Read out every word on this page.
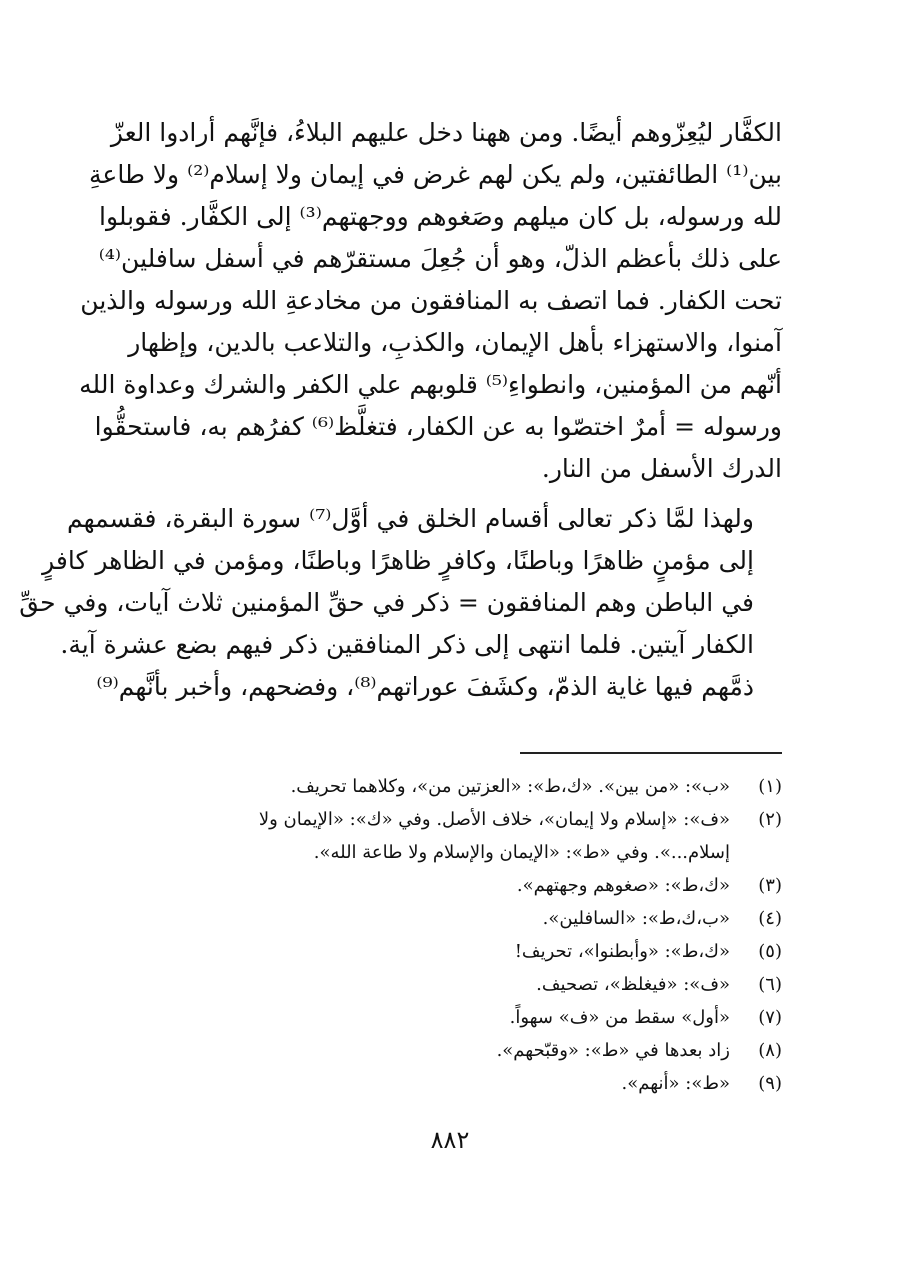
الكفَّار ليُعِزّوهم أيضًا. ومن ههنا دخل عليهم البلاءُ، فإنَّهم أرادوا العزّ
بين⁽¹⁾ الطائفتين، ولم يكن لهم غرض في إيمان ولا إسلام⁽²⁾ ولا طاعةِ
لله ورسوله، بل كان ميلهم وصَغوهم ووجهتهم⁽³⁾ إلى الكفَّار. فقوبلوا
على ذلك بأعظم الذلّ، وهو أن جُعِلَ مستقرّهم في أسفل سافلين⁽⁴⁾
تحت الكفار. فما اتصف به المنافقون من مخادعةِ الله ورسوله والذين
آمنوا، والاستهزاء بأهل الإيمان، والكذبِ، والتلاعب بالدين، وإظهار
أنّهم من المؤمنين، وانطواءِ⁽⁵⁾ قلوبهم علي الكفر والشرك وعداوة الله
ورسوله = أمرٌ اختصّوا به عن الكفار، فتغلَّظ⁽⁶⁾ كفرُهم به، فاستحقُّوا
الدرك الأسفل من النار.
ولهذا لمَّا ذكر تعالى أقسام الخلق في أوَّل⁽⁷⁾ سورة البقرة، فقسمهم
إلى مؤمنٍ ظاهرًا وباطنًا، وكافرٍ ظاهرًا وباطنًا، ومؤمن في الظاهر كافرٍ
في الباطن وهم المنافقون = ذكر في حقِّ المؤمنين ثلاث آيات، وفي حقِّ
الكفار آيتين. فلما انتهى إلى ذكر المنافقين ذكر فيهم بضع عشرة آية.
ذمَّهم فيها غاية الذمّ، وكشَفَ عوراتهم⁽⁸⁾، وفضحهم، وأخبر بأنَّهم⁽⁹⁾
(١)
«ب»: «من بين». «ك،ط»: «العزتين من»، وكلاهما تحريف.
(٢)
«ف»: «إسلام ولا إيمان»، خلاف الأصل. وفي «ك»: «الإيمان ولا
إسلام...». وفي «ط»: «الإيمان والإسلام ولا طاعة الله».
(٣)
«ك،ط»: «صغوهم وجهتهم».
(٤)
«ب،ك،ط»: «السافلين».
(٥)
«ك،ط»: «وأبطنوا»، تحريف!
(٦)
«ف»: «فيغلظ»، تصحيف.
(٧)
«أول» سقط من «ف» سهواً.
(٨)
زاد بعدها في «ط»: «وقبّحهم».
(٩)
«ط»: «أنهم».
٨٨٢
